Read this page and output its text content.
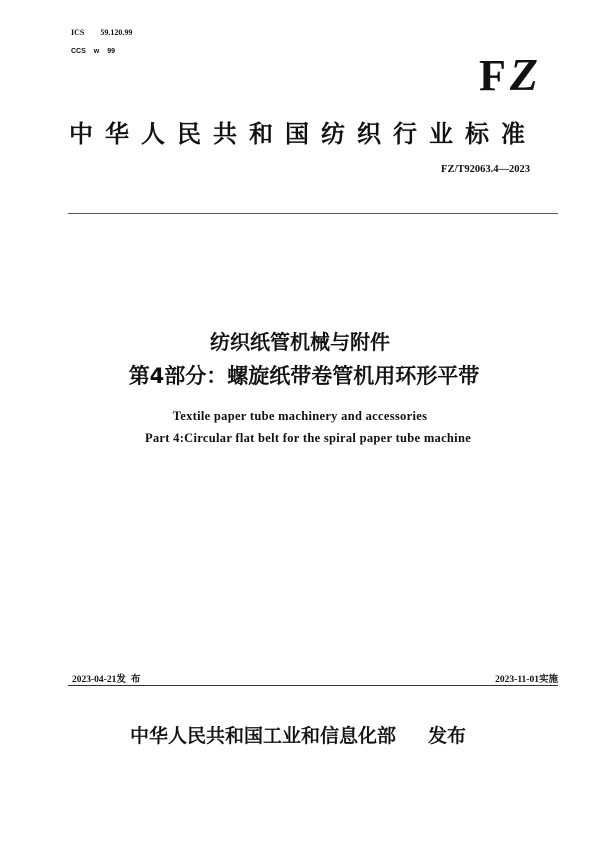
ICS 59.120.99
CCS w 99	FZ
中华人民共和国纺织行业标准
FZ/T92063.4—2023
纺织纸管机械与附件
第4部分：螺旋纸带卷管机用环形平带
Textile paper tube machinery and accessories
Part 4:Circular flat belt for the spiral paper tube machine
2023-04-21发 布	2023-11-01实施
中华人民共和国工业和信息化部 发布
